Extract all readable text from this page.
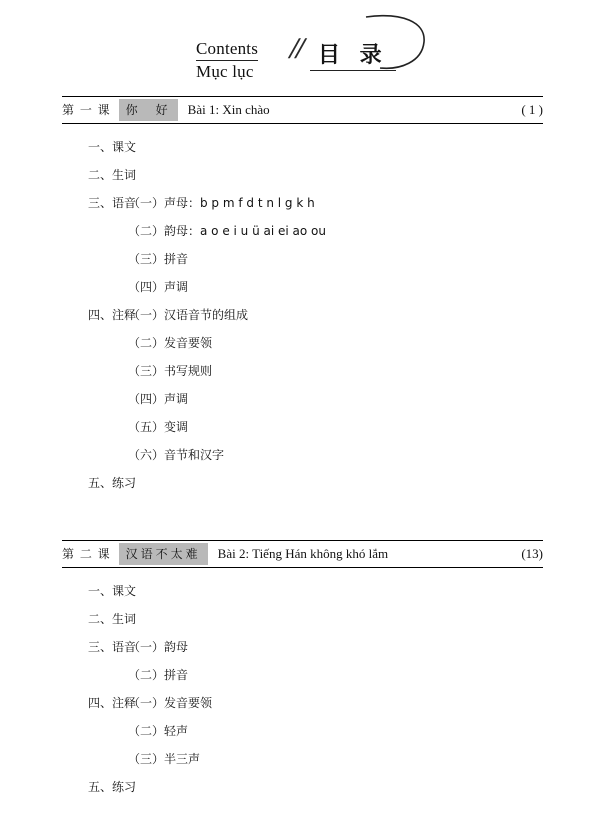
Contents
Mục lục
// 目 录
第 一 课	你　好	Bài 1: Xin chào	( 1 )
一、课文
二、生词
三、语音
（一）声母：b p m f d t n l g k h
（二）韵母：a o e i u ü ai ei ao ou
（三）拼音
（四）声调
四、注释
（一）汉语音节的组成
（二）发音要领
（三）书写规则
（四）声调
（五）变调
（六）音节和汉字
五、练习
第 二 课	汉语不太难	Bài 2: Tiếng Hán không khó lắm	(13)
一、课文
二、生词
三、语音
（一）韵母
（二）拼音
四、注释
（一）发音要领
（二）轻声
（三）半三声
五、练习
